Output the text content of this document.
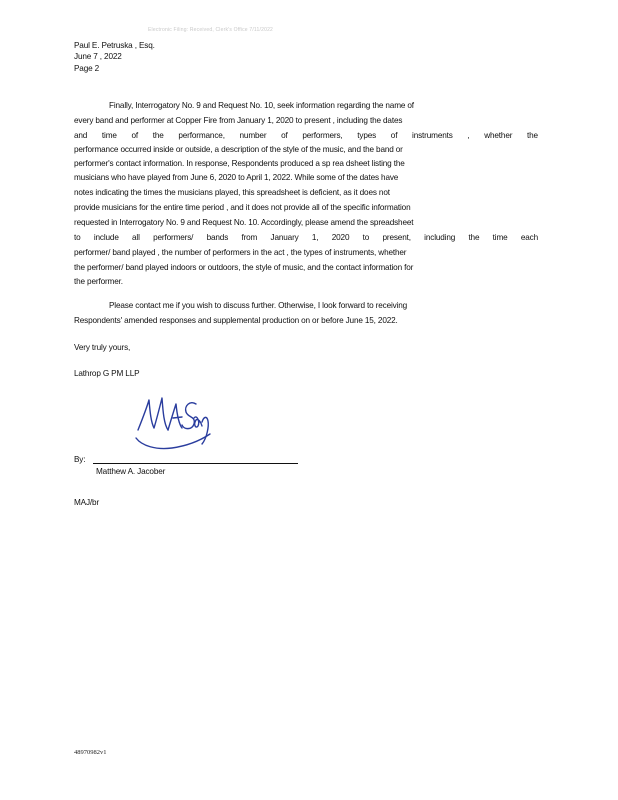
Electronic Filing: Received, Clerk's Office 7/11/2022
Paul E. Petruska , Esq.
June 7 , 2022
Page 2
Finally, Interrogatory No. 9 and Request No. 10, seek information regarding the name of
every band and performer at Copper Fire from January 1, 2020 to present , including the dates
and time of the performance, number of performers, types of instruments , whether the
performance occurred inside or outside, a description of the style of the music, and the band or
performer's contact information. In response, Respondents produced a sp rea dsheet listing the
musicians who have played from June 6, 2020 to April 1, 2022. While some of the dates have
notes indicating the times the musicians played, this spreadsheet is deficient, as it does not
provide musicians for the entire time period , and it does not provide all of the specific information
requested in Interrogatory No. 9 and Request No. 10. Accordingly, please amend the spreadsheet
to include all performers/ bands from January 1, 2020 to present, including the time each
performer/ band played , the number of performers in the act , the types of instruments, whether
the performer/ band played indoors or outdoors, the style of music, and the contact information for
the performer.
Please contact me if you wish to discuss further. Otherwise, I look forward to receiving
Respondents' amended responses and supplemental production on or before June 15, 2022.
Very truly yours,
Lathrop G PM LLP
By:
Matthew A. Jacober
MAJ/br
48970982v1
